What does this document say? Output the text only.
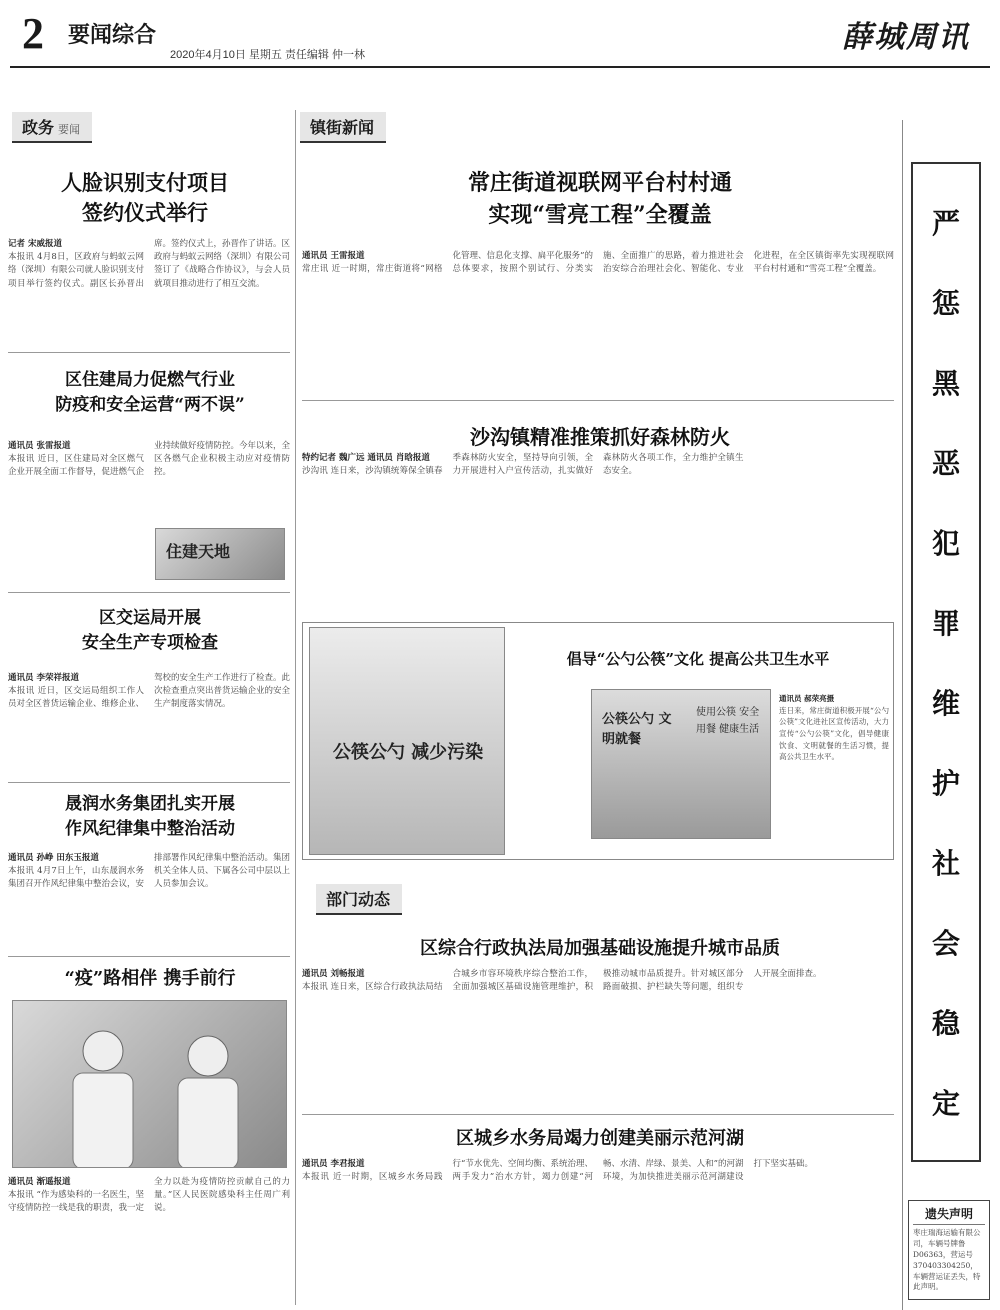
2 要闻综合
2020年4月10日 星期五 责任编辑 仲一林	薛城周讯
政务 要闻	镇街新闻
人脸识别支付项目
签约仪式举行
记者 宋威报道
本报讯 4月8日，区政府与蚂蚁云网络（深圳）有限公司就人脸识别支付项目举行签约仪式。副区长孙晋出席。签约仪式上，孙晋作了讲话。区政府与蚂蚁云网络（深圳）有限公司签订了《战略合作协议》，与会人员就项目推动进行了相互交流。
区住建局力促燃气行业
防疫和安全运营“两不误”
通讯员 张雷报道
本报讯 近日，区住建局对全区燃气企业开展全面工作督导，促进燃气企业持续做好疫情防控。今年以来，全区各燃气企业积极主动应对疫情防控。
住建天地
区交运局开展
安全生产专项检查
通讯员 李荣祥报道
本报讯 近日，区交运局组织工作人员对全区普货运输企业、维修企业、驾校的安全生产工作进行了检查。此次检查重点突出普货运输企业的安全生产制度落实情况。
晟润水务集团扎实开展
作风纪律集中整治活动
通讯员 孙峥 田东玉报道
本报讯 4月7日上午，山东晟润水务集团召开作风纪律集中整治会议，安排部署作风纪律集中整治活动。集团机关全体人员、下属各公司中层以上人员参加会议。
“疫”路相伴 携手前行
通讯员 渐遥报道
本报讯 “作为感染科的一名医生，坚守疫情防控一线是我的职责，我一定全力以赴为疫情防控贡献自己的力量。”区人民医院感染科主任周广利说。
常庄街道视联网平台村村通
实现“雪亮工程”全覆盖
通讯员 王雷报道
常庄讯 近一时期，常庄街道将“网格化管理、信息化支撑、扁平化服务”的总体要求，按照个别试行、分类实施、全面推广的思路，着力推进社会治安综合治理社会化、智能化、专业化进程，在全区镇街率先实现视联网平台村村通和“雪亮工程”全覆盖。
沙沟镇精准推策抓好森林防火
特约记者 魏广远 通讯员 肖晗报道
沙沟讯 连日来，沙沟镇统筹保全镇春季森林防火安全，坚持导向引领，全力开展进村入户宣传活动，扎实做好森林防火各项工作，全力维护全镇生态安全。
公筷公勺 减少污染
倡导“公勺公筷”文化 提高公共卫生水平
公筷公勺 文明就餐
使用公筷 安全用餐 健康生活
通讯员 郝荣亮摄
连日来，常庄街道积极开展“公勺公筷”文化进社区宣传活动，大力宣传“公勺公筷”文化，倡导健康饮食、文明就餐的生活习惯，提高公共卫生水平。
部门动态
区综合行政执法局加强基础设施提升城市品质
通讯员 刘畅报道
本报讯 连日来，区综合行政执法局结合城乡市容环境秩序综合整治工作，全面加强城区基础设施管理维护，积极推动城市品质提升。针对城区部分路面破损、护栏缺失等问题，组织专人开展全面排查。
区城乡水务局竭力创建美丽示范河湖
通讯员 李君报道
本报讯 近一时期，区城乡水务局践行“节水优先、空间均衡、系统治理、两手发力”治水方针，竭力创建“河畅、水清、岸绿、景美、人和”的河湖环境，为加快推进美丽示范河湖建设打下坚实基础。
严
惩
黑
恶
犯
罪
维
护
社
会
稳
定
遗失声明
枣庄瑞海运输有限公司，车辆号牌鲁D06363，营运号370403304250，车辆营运证丢失，特此声明。
